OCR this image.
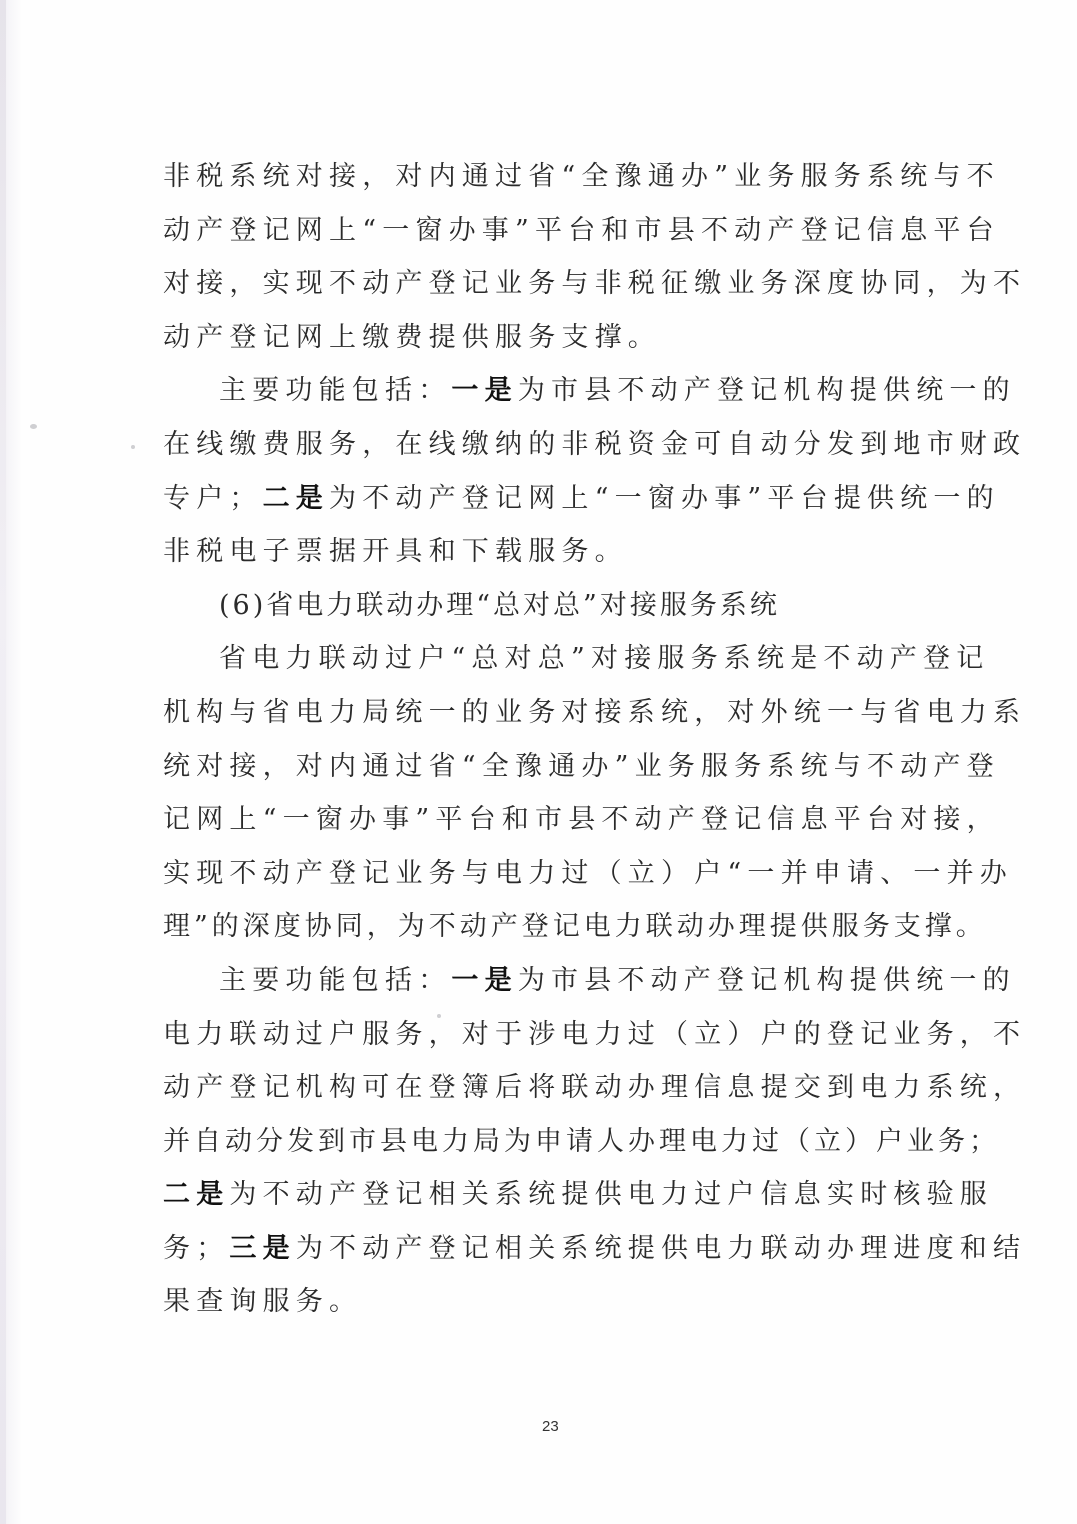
非税系统对接，对内通过省“全豫通办”业务服务系统与不
动产登记网上“一窗办事”平台和市县不动产登记信息平台
对接，实现不动产登记业务与非税征缴业务深度协同，为不
动产登记网上缴费提供服务支撑。
主要功能包括：一是为市县不动产登记机构提供统一的
在线缴费服务，在线缴纳的非税资金可自动分发到地市财政
专户；二是为不动产登记网上“一窗办事”平台提供统一的
非税电子票据开具和下载服务。
(6)省电力联动办理“总对总”对接服务系统
省电力联动过户“总对总”对接服务系统是不动产登记
机构与省电力局统一的业务对接系统，对外统一与省电力系
统对接，对内通过省“全豫通办”业务服务系统与不动产登
记网上“一窗办事”平台和市县不动产登记信息平台对接，
实现不动产登记业务与电力过（立）户“一并申请、一并办
理”的深度协同，为不动产登记电力联动办理提供服务支撑。
主要功能包括：一是为市县不动产登记机构提供统一的
电力联动过户服务，对于涉电力过（立）户的登记业务，不
动产登记机构可在登簿后将联动办理信息提交到电力系统，
并自动分发到市县电力局为申请人办理电力过（立）户业务；
二是为不动产登记相关系统提供电力过户信息实时核验服
务；三是为不动产登记相关系统提供电力联动办理进度和结
果查询服务。
23
